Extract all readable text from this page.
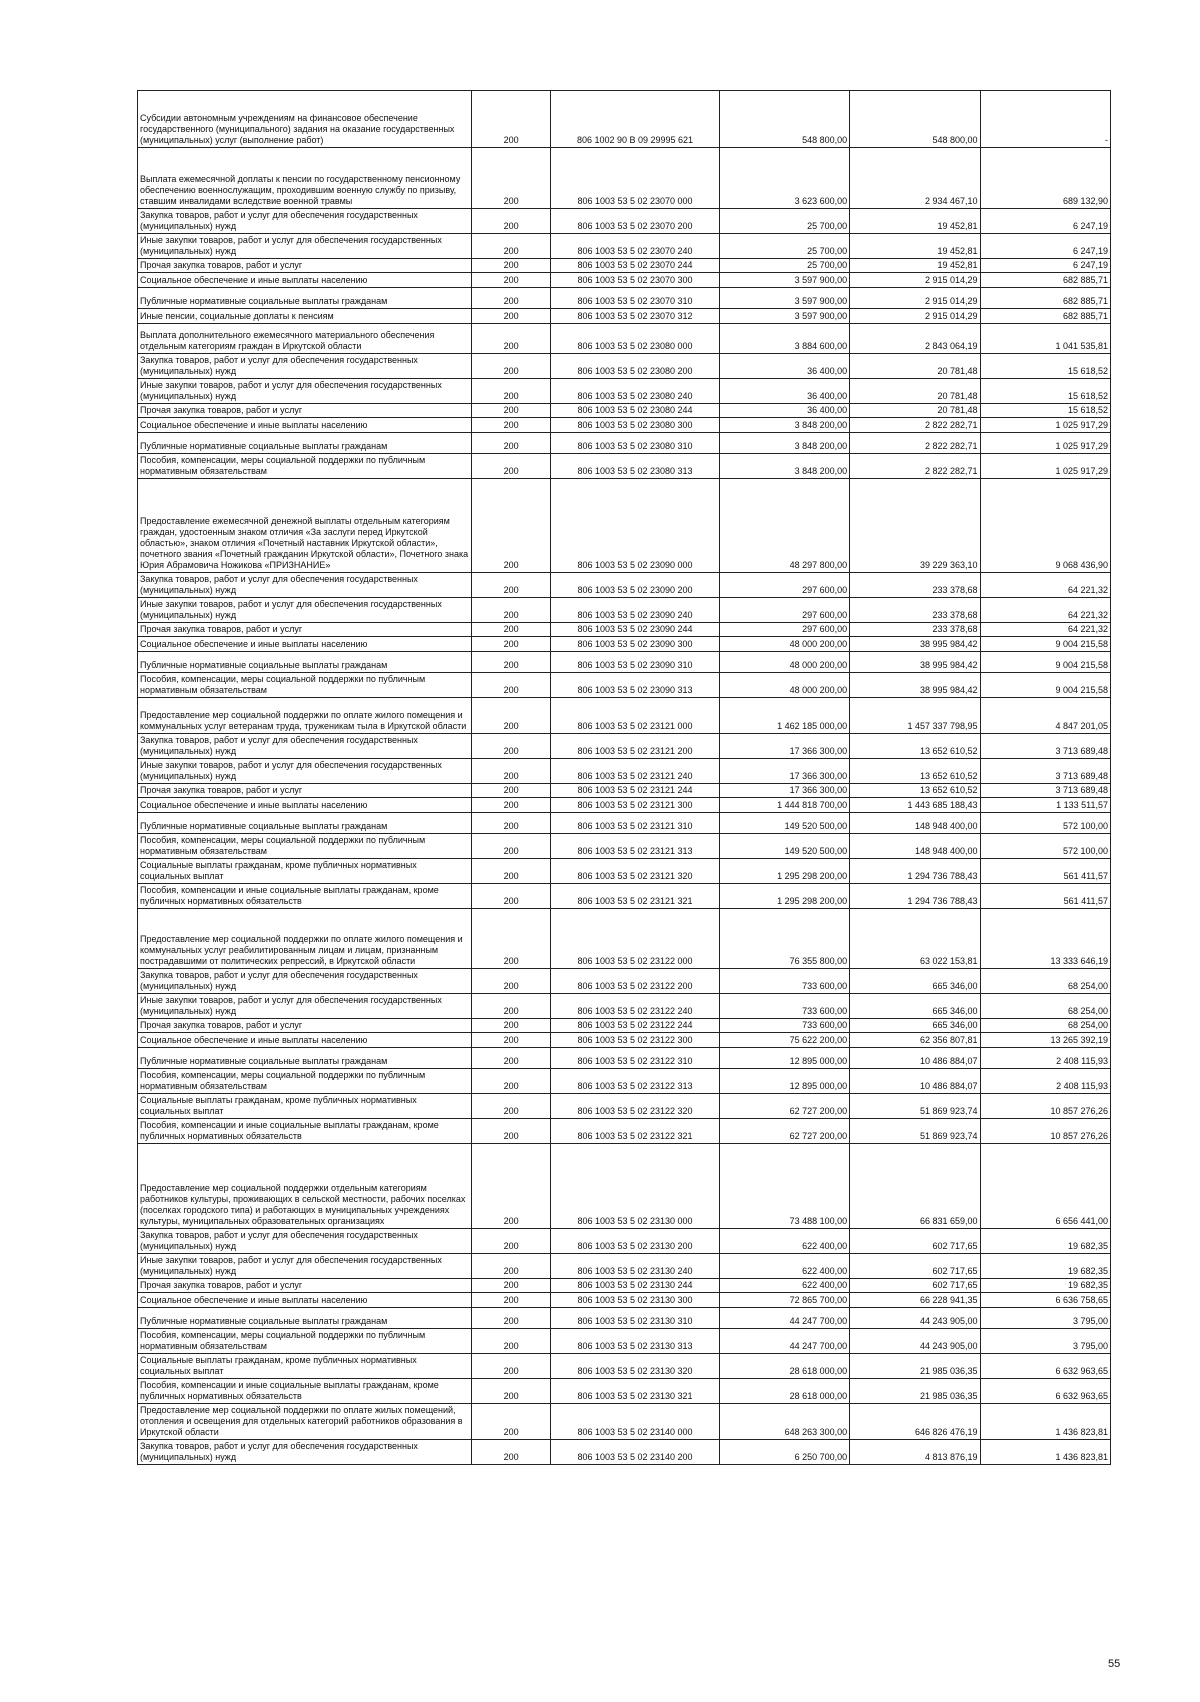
Субсидии автономным учреждениям на финансовое обеспечение государственного (муниципального) задания на оказание государственных (муниципальных) услуг (выполнение работ)	200	806 1002 90 В 09 29995 621	548 800,00	548 800,00	-
Выплата ежемесячной доплаты к пенсии по государственному пенсионному обеспечению военнослужащим, проходившим военную службу по призыву, ставшим инвалидами вследствие военной травмы	200	806 1003 53 5 02 23070 000	3 623 600,00	2 934 467,10	689 132,90
Закупка товаров, работ и услуг для обеспечения государственных (муниципальных) нужд	200	806 1003 53 5 02 23070 200	25 700,00	19 452,81	6 247,19
Иные закупки товаров, работ и услуг для обеспечения государственных (муниципальных) нужд	200	806 1003 53 5 02 23070 240	25 700,00	19 452,81	6 247,19
Прочая закупка товаров, работ и услуг	200	806 1003 53 5 02 23070 244	25 700,00	19 452,81	6 247,19
Социальное обеспечение и иные выплаты населению	200	806 1003 53 5 02 23070 300	3 597 900,00	2 915 014,29	682 885,71
Публичные нормативные социальные выплаты гражданам	200	806 1003 53 5 02 23070 310	3 597 900,00	2 915 014,29	682 885,71
Иные пенсии, социальные доплаты к пенсиям	200	806 1003 53 5 02 23070 312	3 597 900,00	2 915 014,29	682 885,71
Выплата дополнительного ежемесячного материального обеспечения отдельным категориям граждан в Иркутской области	200	806 1003 53 5 02 23080 000	3 884 600,00	2 843 064,19	1 041 535,81
Закупка товаров, работ и услуг для обеспечения государственных (муниципальных) нужд	200	806 1003 53 5 02 23080 200	36 400,00	20 781,48	15 618,52
Иные закупки товаров, работ и услуг для обеспечения государственных (муниципальных) нужд	200	806 1003 53 5 02 23080 240	36 400,00	20 781,48	15 618,52
Прочая закупка товаров, работ и услуг	200	806 1003 53 5 02 23080 244	36 400,00	20 781,48	15 618,52
Социальное обеспечение и иные выплаты населению	200	806 1003 53 5 02 23080 300	3 848 200,00	2 822 282,71	1 025 917,29
Публичные нормативные социальные выплаты гражданам	200	806 1003 53 5 02 23080 310	3 848 200,00	2 822 282,71	1 025 917,29
Пособия, компенсации, меры социальной поддержки по публичным нормативным обязательствам	200	806 1003 53 5 02 23080 313	3 848 200,00	2 822 282,71	1 025 917,29
Предоставление ежемесячной денежной выплаты отдельным категориям граждан, удостоенным знаком отличия «За заслуги перед Иркутской областью», знаком отличия «Почетный наставник Иркутской области», почетного звания «Почетный гражданин Иркутской области», Почетного знака Юрия Абрамовича Ножикова «ПРИЗНАНИЕ»	200	806 1003 53 5 02 23090 000	48 297 800,00	39 229 363,10	9 068 436,90
Закупка товаров, работ и услуг для обеспечения государственных (муниципальных) нужд	200	806 1003 53 5 02 23090 200	297 600,00	233 378,68	64 221,32
Иные закупки товаров, работ и услуг для обеспечения государственных (муниципальных) нужд	200	806 1003 53 5 02 23090 240	297 600,00	233 378,68	64 221,32
Прочая закупка товаров, работ и услуг	200	806 1003 53 5 02 23090 244	297 600,00	233 378,68	64 221,32
Социальное обеспечение и иные выплаты населению	200	806 1003 53 5 02 23090 300	48 000 200,00	38 995 984,42	9 004 215,58
Публичные нормативные социальные выплаты гражданам	200	806 1003 53 5 02 23090 310	48 000 200,00	38 995 984,42	9 004 215,58
Пособия, компенсации, меры социальной поддержки по публичным нормативным обязательствам	200	806 1003 53 5 02 23090 313	48 000 200,00	38 995 984,42	9 004 215,58
Предоставление мер социальной поддержки по оплате жилого помещения и коммунальных услуг ветеранам труда, труженикам тыла в Иркутской области	200	806 1003 53 5 02 23121 000	1 462 185 000,00	1 457 337 798,95	4 847 201,05
Закупка товаров, работ и услуг для обеспечения государственных (муниципальных) нужд	200	806 1003 53 5 02 23121 200	17 366 300,00	13 652 610,52	3 713 689,48
Иные закупки товаров, работ и услуг для обеспечения государственных (муниципальных) нужд	200	806 1003 53 5 02 23121 240	17 366 300,00	13 652 610,52	3 713 689,48
Прочая закупка товаров, работ и услуг	200	806 1003 53 5 02 23121 244	17 366 300,00	13 652 610,52	3 713 689,48
Социальное обеспечение и иные выплаты населению	200	806 1003 53 5 02 23121 300	1 444 818 700,00	1 443 685 188,43	1 133 511,57
Публичные нормативные социальные выплаты гражданам	200	806 1003 53 5 02 23121 310	149 520 500,00	148 948 400,00	572 100,00
Пособия, компенсации, меры социальной поддержки по публичным нормативным обязательствам	200	806 1003 53 5 02 23121 313	149 520 500,00	148 948 400,00	572 100,00
Социальные выплаты гражданам, кроме публичных нормативных социальных выплат	200	806 1003 53 5 02 23121 320	1 295 298 200,00	1 294 736 788,43	561 411,57
Пособия, компенсации и иные социальные выплаты гражданам, кроме публичных нормативных обязательств	200	806 1003 53 5 02 23121 321	1 295 298 200,00	1 294 736 788,43	561 411,57
Предоставление мер социальной поддержки по оплате жилого помещения и коммунальных услуг реабилитированным лицам и лицам, признанным пострадавшими от политических репрессий, в Иркутской области	200	806 1003 53 5 02 23122 000	76 355 800,00	63 022 153,81	13 333 646,19
Закупка товаров, работ и услуг для обеспечения государственных (муниципальных) нужд	200	806 1003 53 5 02 23122 200	733 600,00	665 346,00	68 254,00
Иные закупки товаров, работ и услуг для обеспечения государственных (муниципальных) нужд	200	806 1003 53 5 02 23122 240	733 600,00	665 346,00	68 254,00
Прочая закупка товаров, работ и услуг	200	806 1003 53 5 02 23122 244	733 600,00	665 346,00	68 254,00
Социальное обеспечение и иные выплаты населению	200	806 1003 53 5 02 23122 300	75 622 200,00	62 356 807,81	13 265 392,19
Публичные нормативные социальные выплаты гражданам	200	806 1003 53 5 02 23122 310	12 895 000,00	10 486 884,07	2 408 115,93
Пособия, компенсации, меры социальной поддержки по публичным нормативным обязательствам	200	806 1003 53 5 02 23122 313	12 895 000,00	10 486 884,07	2 408 115,93
Социальные выплаты гражданам, кроме публичных нормативных социальных выплат	200	806 1003 53 5 02 23122 320	62 727 200,00	51 869 923,74	10 857 276,26
Пособия, компенсации и иные социальные выплаты гражданам, кроме публичных нормативных обязательств	200	806 1003 53 5 02 23122 321	62 727 200,00	51 869 923,74	10 857 276,26
Предоставление мер социальной поддержки отдельным категориям работников культуры, проживающих в сельской местности, рабочих поселках (поселках городского типа) и работающих в муниципальных учреждениях культуры, муниципальных образовательных организациях	200	806 1003 53 5 02 23130 000	73 488 100,00	66 831 659,00	6 656 441,00
Закупка товаров, работ и услуг для обеспечения государственных (муниципальных) нужд	200	806 1003 53 5 02 23130 200	622 400,00	602 717,65	19 682,35
Иные закупки товаров, работ и услуг для обеспечения государственных (муниципальных) нужд	200	806 1003 53 5 02 23130 240	622 400,00	602 717,65	19 682,35
Прочая закупка товаров, работ и услуг	200	806 1003 53 5 02 23130 244	622 400,00	602 717,65	19 682,35
Социальное обеспечение и иные выплаты населению	200	806 1003 53 5 02 23130 300	72 865 700,00	66 228 941,35	6 636 758,65
Публичные нормативные социальные выплаты гражданам	200	806 1003 53 5 02 23130 310	44 247 700,00	44 243 905,00	3 795,00
Пособия, компенсации, меры социальной поддержки по публичным нормативным обязательствам	200	806 1003 53 5 02 23130 313	44 247 700,00	44 243 905,00	3 795,00
Социальные выплаты гражданам, кроме публичных нормативных социальных выплат	200	806 1003 53 5 02 23130 320	28 618 000,00	21 985 036,35	6 632 963,65
Пособия, компенсации и иные социальные выплаты гражданам, кроме публичных нормативных обязательств	200	806 1003 53 5 02 23130 321	28 618 000,00	21 985 036,35	6 632 963,65
Предоставление мер социальной поддержки по оплате жилых помещений, отопления и освещения для отдельных категорий работников образования в Иркутской области	200	806 1003 53 5 02 23140 000	648 263 300,00	646 826 476,19	1 436 823,81
Закупка товаров, работ и услуг для обеспечения государственных (муниципальных) нужд	200	806 1003 53 5 02 23140 200	6 250 700,00	4 813 876,19	1 436 823,81
55
